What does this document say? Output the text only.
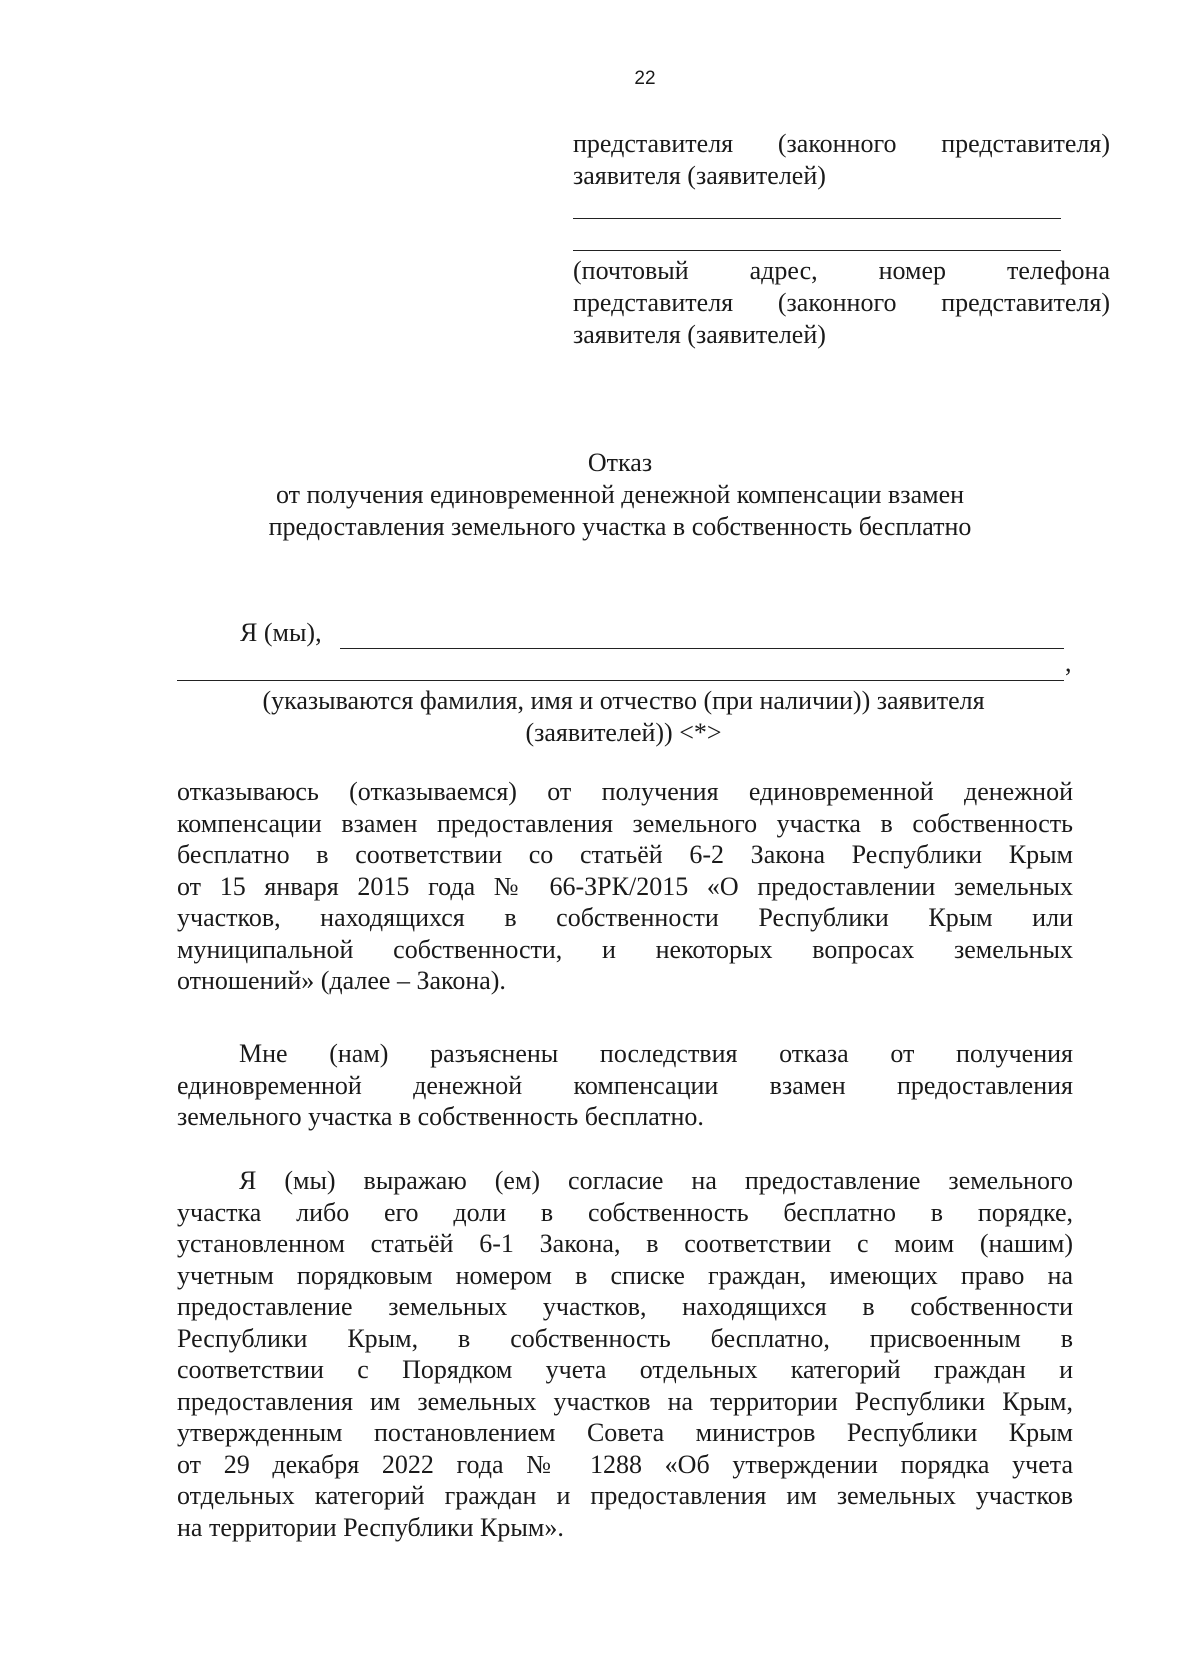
22
представителя (законного представителя)
заявителя (заявителей)
(почтовый адрес, номер телефона
представителя (законного представителя)
заявителя (заявителей)
Отказ
от получения единовременной денежной компенсации взамен
предоставления земельного участка в собственность бесплатно
Я (мы),
,
(указываются фамилия, имя и отчество (при наличии)) заявителя
(заявителей)) <*>
отказываюсь (отказываемся) от получения единовременной денежной
компенсации взамен предоставления земельного участка в собственность
бесплатно в соответствии со статьёй 6-2 Закона Республики Крым
от 15 января 2015 года № 66-ЗРК/2015 «О предоставлении земельных
участков, находящихся в собственности Республики Крым или
муниципальной собственности, и некоторых вопросах земельных
отношений» (далее – Закона).
Мне (нам) разъяснены последствия отказа от получения
единовременной денежной компенсации взамен предоставления
земельного участка в собственность бесплатно.
Я (мы) выражаю (ем) согласие на предоставление земельного
участка либо его доли в собственность бесплатно в порядке,
установленном статьёй 6-1 Закона, в соответствии с моим (нашим)
учетным порядковым номером в списке граждан, имеющих право на
предоставление земельных участков, находящихся в собственности
Республики Крым, в собственность бесплатно, присвоенным в
соответствии с Порядком учета отдельных категорий граждан и
предоставления им земельных участков на территории Республики Крым,
утвержденным постановлением Совета министров Республики Крым
от 29 декабря 2022 года № 1288 «Об утверждении порядка учета
отдельных категорий граждан и предоставления им земельных участков
на территории Республики Крым».
